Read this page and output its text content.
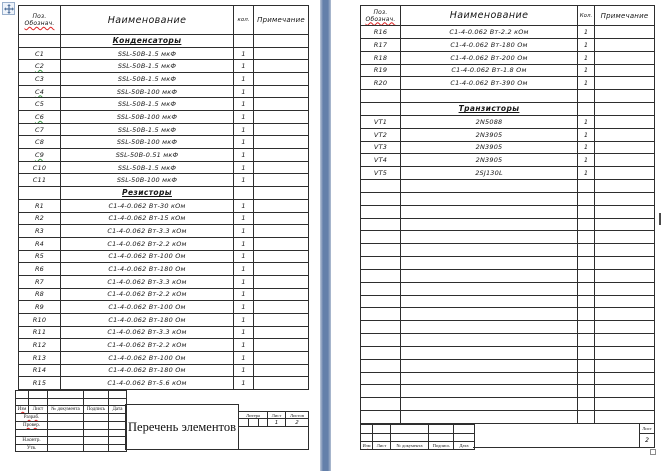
Поз.
Обознач.	Наименование	кол.	Примечание
Конденсаторы
C1	SSL-50B-1.5 мкФ	1
C2	SSL-50B-1.5 мкФ	1
C3	SSL-50B-1.5 мкФ	1
C4	SSL-50B-100 мкФ	1
C5	SSL-50B-1.5 мкФ	1
C6	SSL-50B-100 мкФ	1
C7	SSL-50B-1.5 мкФ	1
C8	SSL-50B-100 мкФ	1
C9	SSL-50B-0.51 мкФ	1
C10	SSL-50B-1.5 мкФ	1
C11	SSL-50B-100 мкФ	1
Резисторы
R1	С1-4-0.062 Вт-30 кОм	1
R2	С1-4-0.062 Вт-15 кОм	1
R3	С1-4-0.062 Вт-3.3 кОм	1
R4	С1-4-0.062 Вт-2.2 кОм	1
R5	С1-4-0.062 Вт-100 Ом	1
R6	С1-4-0.062 Вт-180 Ом	1
R7	С1-4-0.062 Вт-3.3 кОм	1
R8	С1-4-0.062 Вт-2.2 кОм	1
R9	С1-4-0.062 Вт-100 Ом	1
R10	С1-4-0.062 Вт-180 Ом	1
R11	С1-4-0.062 Вт-3.3 кОм	1
R12	С1-4-0.062 Вт-2.2 кОм	1
R13	С1-4-0.062 Вт-100 Ом	1
R14	С1-4-0.062 Вт-180 Ом	1
R15	С1-4-0.062 Вт-5.6 кОм	1
Изм	Лист	№ документа	Подпись	Дата
Разраб.
Провер.
Н.контр.
Утв.
Перечень элементов
Литера	Лист	Листов
1	2
Поз.
Обознач.	Наименование	Кол.	Примечание
R16	С1-4-0.062 Вт-2.2 кОм	1
R17	С1-4-0.062 Вт-180 Ом	1
R18	С1-4-0.062 Вт-200 Ом	1
R19	С1-4-0.062 Вт-1.8 Ом	1
R20	С1-4-0.062 Вт-390 Ом	1
Транзисторы
VT1	2N5088	1
VT2	2N3905	1
VT3	2N3905	1
VT4	2N3905	1
VT5	2SJ130L	1
Изм	Лист	№ документа	Подпись	Дата
Лист
2
